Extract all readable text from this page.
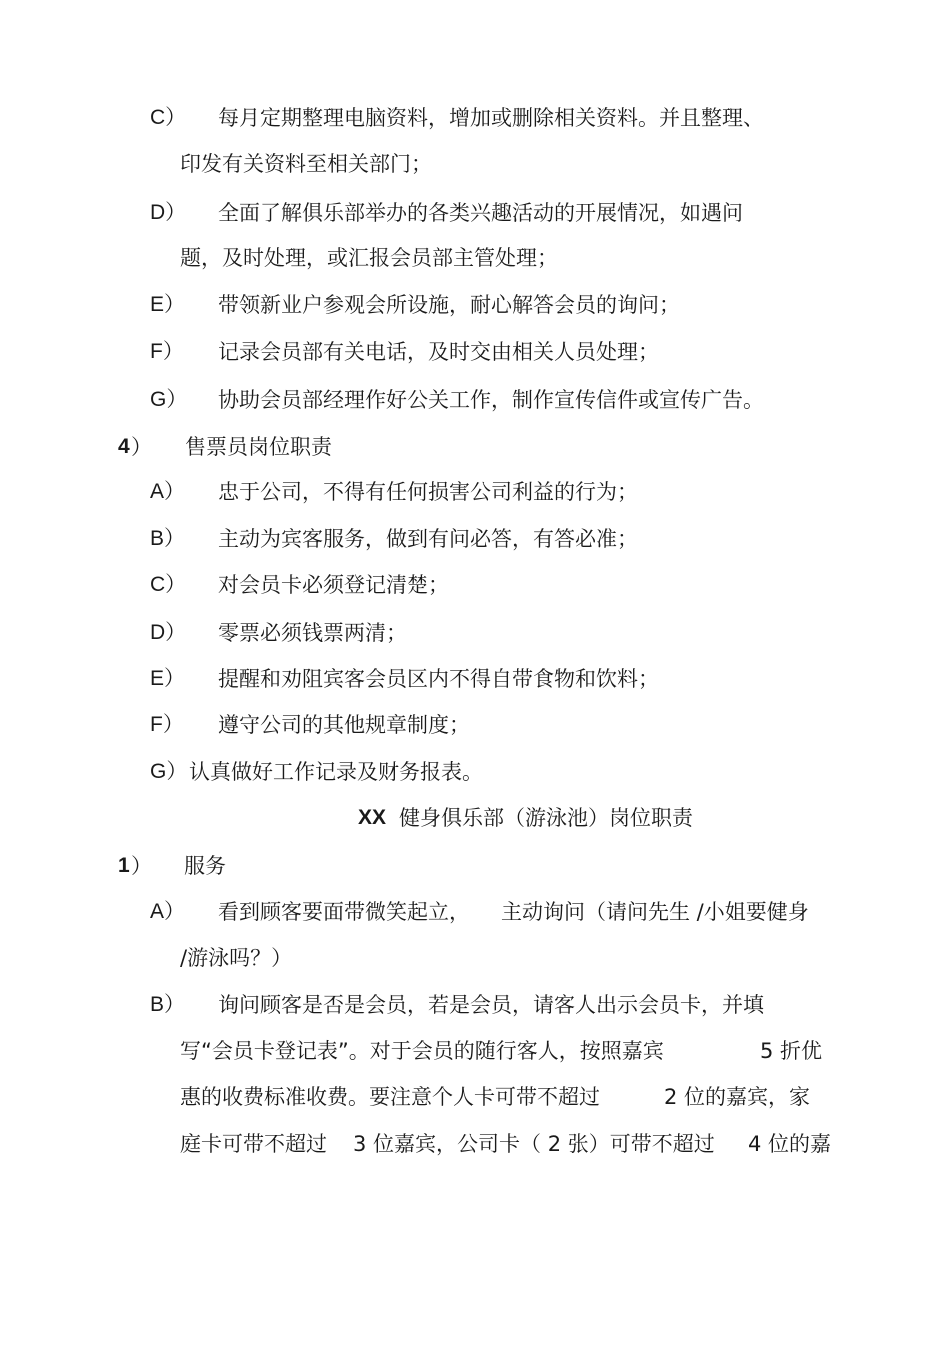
C） 每月定期整理电脑资料，增加或删除相关资料。并且整理、
印发有关资料至相关部门；
D） 全面了解俱乐部举办的各类兴趣活动的开展情况，如遇问
题，及时处理，或汇报会员部主管处理；
E） 带领新业户参观会所设施，耐心解答会员的询问；
F） 记录会员部有关电话，及时交由相关人员处理；
G） 协助会员部经理作好公关工作，制作宣传信件或宣传广告。
4 ） 售票员岗位职责
A） 忠于公司，不得有任何损害公司利益的行为；
B） 主动为宾客服务，做到有问必答，有答必准；
C） 对会员卡必须登记清楚；
D） 零票必须钱票两清；
E） 提醒和劝阻宾客会员区内不得自带食物和饮料；
F） 遵守公司的其他规章制度；
G） 认真做好工作记录及财务报表。
XX 健身俱乐部（游泳池）岗位职责
1 ） 服务
A） 看到顾客要面带微笑起立， 主动询问（请问先生 /小姐要健身
/游泳吗？）
B） 询问顾客是否是会员，若是会员，请客人出示会员卡，并填
写“会员卡登记表”。对于会员的随行客人，按照嘉宾	5 折优
惠的收费标准收费。要注意个人卡可带不超过	2 位的嘉宾，家
庭卡可带不超过 3 位嘉宾，公司卡（ 2 张）可带不超过 4 位的嘉
